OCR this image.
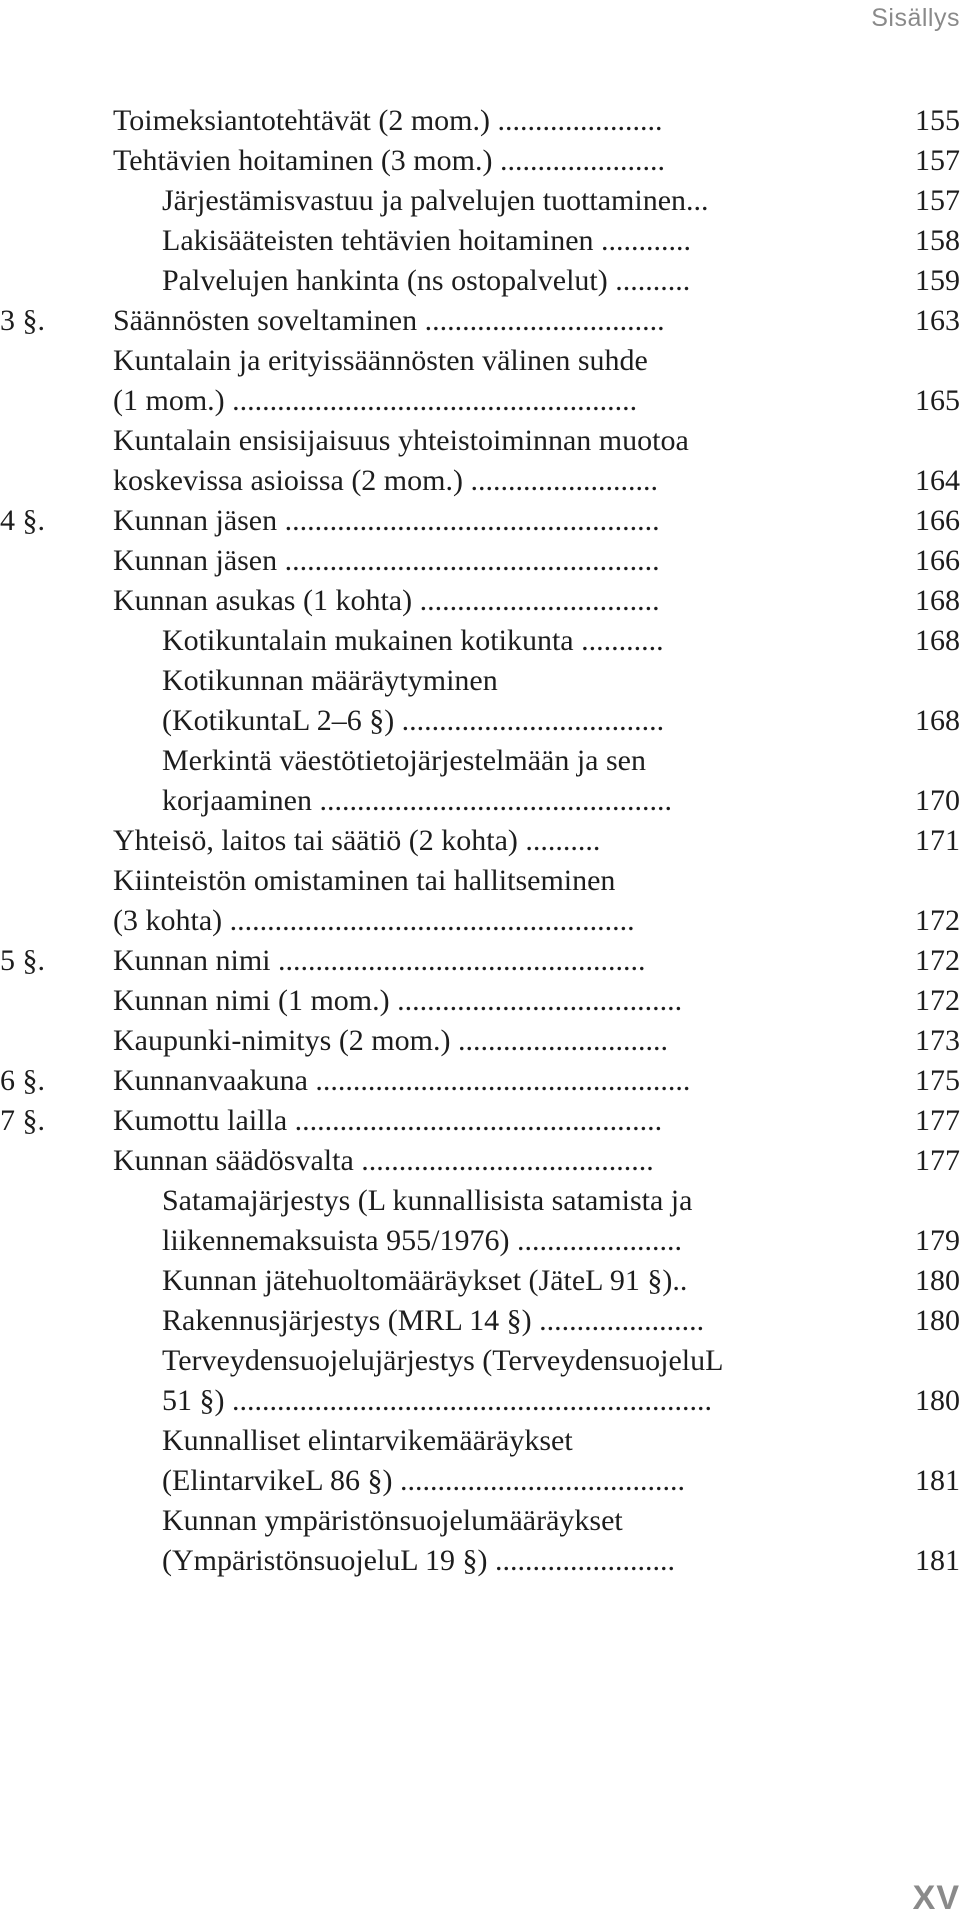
Sisällys
Toimeksiantotehtävät (2 mom.) ......................	155
Tehtävien hoitaminen (3 mom.) ......................	157
Järjestämisvastuu ja palvelujen tuottaminen...	157
Lakisääteisten tehtävien hoitaminen ............	158
Palvelujen hankinta (ns ostopalvelut) ..........	159
3 §. Säännösten soveltaminen ................................	163
Kuntalain ja erityissäännösten välinen suhde
(1 mom.) ......................................................	165
Kuntalain ensisijaisuus yhteistoiminnan muotoa
koskevissa asioissa (2 mom.) .........................	164
4 §. Kunnan jäsen ..................................................	166
Kunnan jäsen ..................................................	166
Kunnan asukas (1 kohta) ................................	168
Kotikuntalain mukainen kotikunta ...........	168
Kotikunnan määräytyminen
(KotikuntaL 2–6 §) ...................................	168
Merkintä väestötietojärjestelmään ja sen
korjaaminen ...............................................	170
Yhteisö, laitos tai säätiö (2 kohta) ..........	171
Kiinteistön omistaminen tai hallitseminen
(3 kohta) ......................................................	172
5 §. Kunnan nimi .................................................	172
Kunnan nimi (1 mom.) ......................................	172
Kaupunki-nimitys (2 mom.) ............................	173
6 §. Kunnanvaakuna ..................................................	175
7 §. Kumottu lailla .................................................	177
Kunnan säädösvalta .......................................	177
Satamajärjestys (L kunnallisista satamista ja
liikennemaksuista 955/1976) ......................	179
Kunnan jätehuoltomääräykset (JäteL 91 §)..	180
Rakennusjärjestys (MRL 14 §) ......................	180
Terveydensuojelujärjestys (TerveydensuojeluL
51 §) ................................................................	180
Kunnalliset elintarvikemääräykset
(ElintarvikeL 86 §) ......................................	181
Kunnan ympäristönsuojelumääräykset
(YmpäristönsuojeluL 19 §) ........................	181
XV
